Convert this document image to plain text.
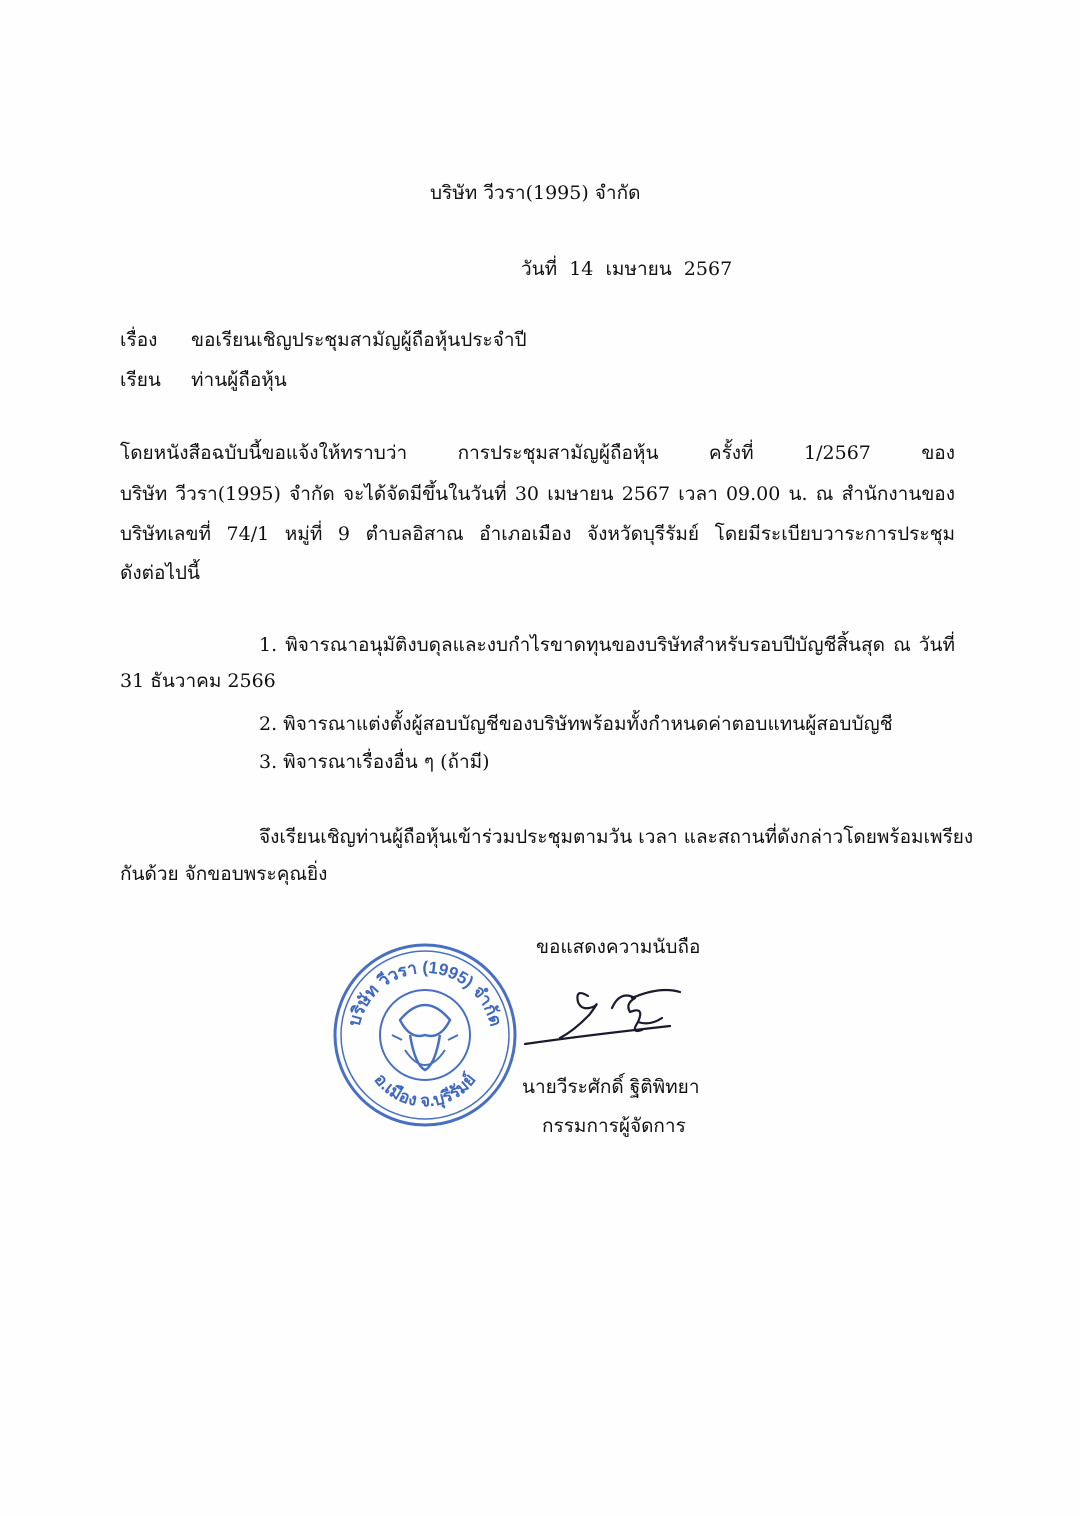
บริษัท วีวรา(1995) จำกัด
วันที่ 14 เมษายน 2567
เรื่อง ขอเรียนเชิญประชุมสามัญผู้ถือหุ้นประจำปี
เรียน ท่านผู้ถือหุ้น
โดยหนังสือฉบับนี้ขอแจ้งให้ทราบว่า การประชุมสามัญผู้ถือหุ้น ครั้งที่ 1/2567 ของ
บริษัท วีวรา(1995) จำกัด จะได้จัดมีขึ้นในวันที่ 30 เมษายน 2567 เวลา 09.00 น. ณ สำนักงานของ
บริษัทเลขที่ 74/1 หมู่ที่ 9 ตำบลอิสาณ อำเภอเมือง จังหวัดบุรีรัมย์ โดยมีระเบียบวาระการประชุม
ดังต่อไปนี้
1. พิจารณาอนุมัติงบดุลและงบกำไรขาดทุนของบริษัทสำหรับรอบปีบัญชีสิ้นสุด ณ วันที่
31 ธันวาคม 2566
2. พิจารณาแต่งตั้งผู้สอบบัญชีของบริษัทพร้อมทั้งกำหนดค่าตอบแทนผู้สอบบัญชี
3. พิจารณาเรื่องอื่น ๆ (ถ้ามี)
จึงเรียนเชิญท่านผู้ถือหุ้นเข้าร่วมประชุมตามวัน เวลา และสถานที่ดังกล่าวโดยพร้อมเพรียง
กันด้วย จักขอบพระคุณยิ่ง
ขอแสดงความนับถือ
บริษัท วีวรา (1995) จำกัด
อ.เมือง จ.บุรีรัมย์ นายวีระศักดิ์ ฐิติพิทยา
กรรมการผู้จัดการ
